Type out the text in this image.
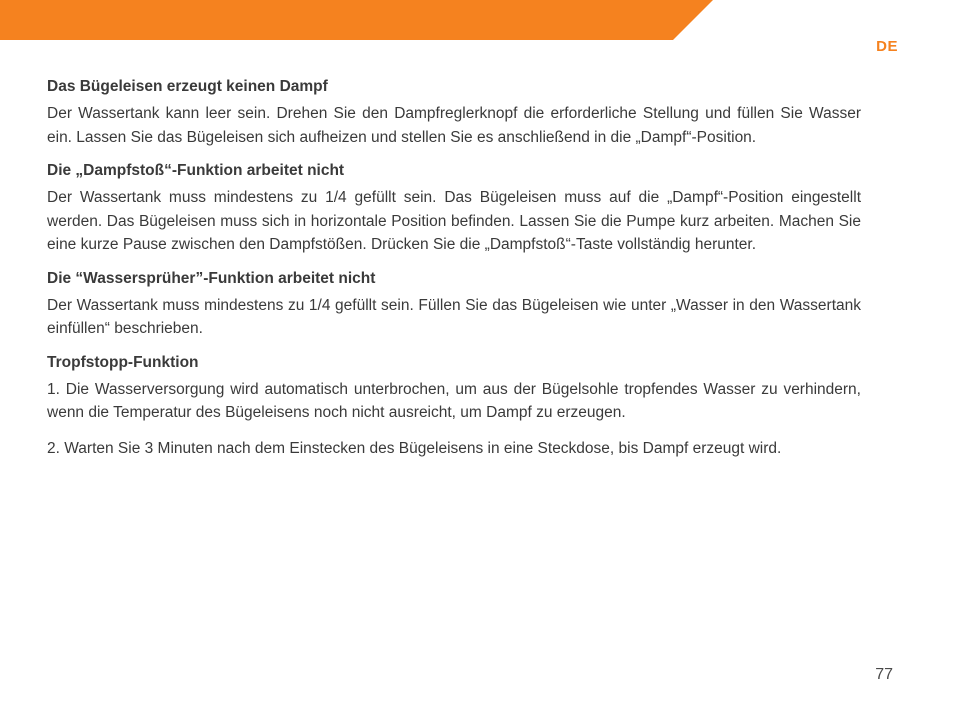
DE
Das Bügeleisen erzeugt keinen Dampf

Der Wassertank kann leer sein. Drehen Sie den Dampfreglerknopf die erforderliche Stellung und füllen Sie Wasser ein. Lassen Sie das Bügeleisen sich aufheizen und stellen Sie es anschließend in die „Dampf“-Position.

Die „Dampfstoß“-Funktion arbeitet nicht

Der Wassertank muss mindestens zu 1/4 gefüllt sein. Das Bügeleisen muss auf die „Dampf“-Position eingestellt werden. Das Bügeleisen muss sich in horizontale Position befinden. Lassen Sie die Pumpe kurz arbeiten. Machen Sie eine kurze Pause zwischen den Dampfstößen. Drücken Sie die „Dampfstoß“-Taste vollständig herunter.

Die “Wassersprüher”-Funktion arbeitet nicht

Der Wassertank muss mindestens zu 1/4 gefüllt sein. Füllen Sie das Bügeleisen wie unter „Wasser in den Wassertank einfüllen“ beschrieben.

Tropfstopp-Funktion

1. Die Wasserversorgung wird automatisch unterbrochen, um aus der Bügelsohle tropfendes Wasser zu verhindern, wenn die Temperatur des Bügeleisens noch nicht ausreicht, um Dampf zu erzeugen.

2. Warten Sie 3 Minuten nach dem Einstecken des Bügeleisens in eine Steckdose, bis Dampf erzeugt wird.

77
